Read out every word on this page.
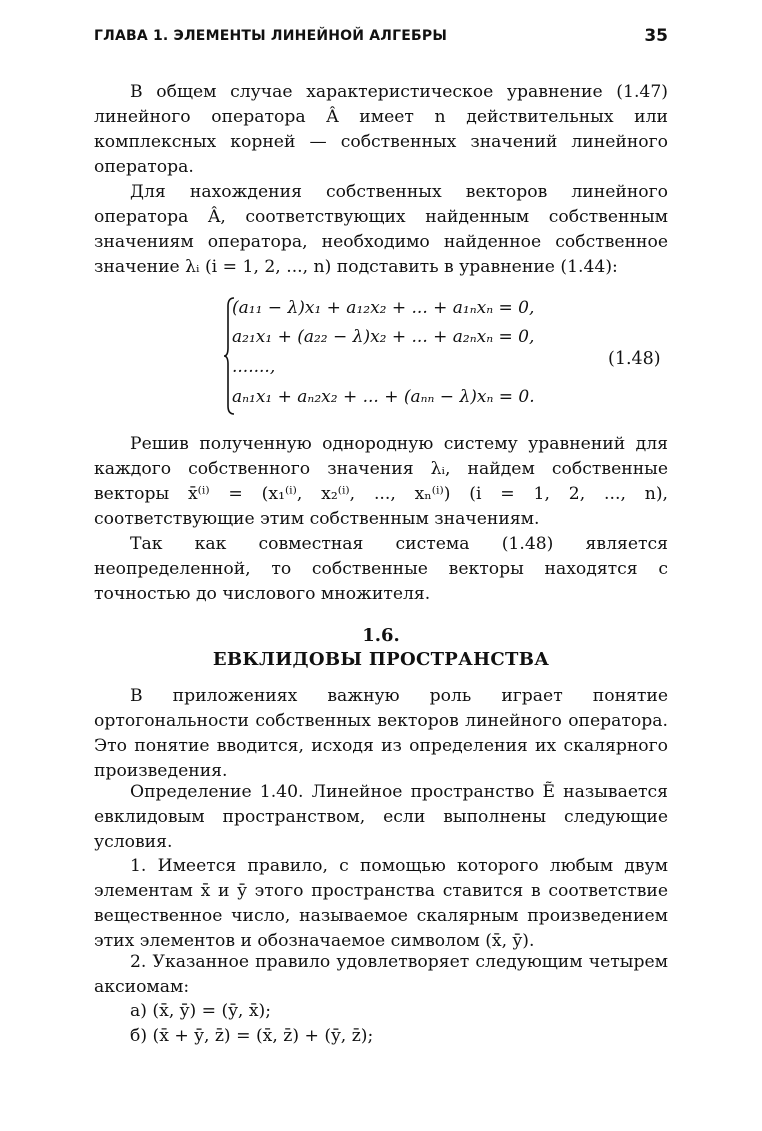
ГЛАВА 1. ЭЛЕМЕНТЫ ЛИНЕЙНОЙ АЛГЕБРЫ	35

В общем случае характеристическое уравнение (1.47) линейного оператора Â имеет n действительных или комплексных корней — собственных значений линейного оператора.

Для нахождения собственных векторов линейного оператора Â, соответствующих найденным собственным значениям оператора, необходимо найденное собственное значение λᵢ (i = 1, 2, ..., n) подставить в уравнение (1.44):

(a₁₁ − λ)x₁ + a₁₂x₂ + ... + a₁ₙxₙ = 0,
a₂₁x₁ + (a₂₂ − λ)x₂ + ... + a₂ₙxₙ = 0,
.......,
aₙ₁x₁ + aₙ₂x₂ + ... + (aₙₙ − λ)xₙ = 0.
(1.48)

Решив полученную однородную систему уравнений для каждого собственного значения λᵢ, найдем собственные векторы x̄⁽ⁱ⁾ = (x₁⁽ⁱ⁾, x₂⁽ⁱ⁾, ..., xₙ⁽ⁱ⁾) (i = 1, 2, ..., n), соответствующие этим собственным значениям.

Так как совместная система (1.48) является неопределенной, то собственные векторы находятся с точностью до числового множителя.

1.6.
ЕВКЛИДОВЫ ПРОСТРАНСТВА

В приложениях важную роль играет понятие ортогональности собственных векторов линейного оператора. Это понятие вводится, исходя из определения их скалярного произведения.

Определение 1.40. Линейное пространство Ẽ называется евклидовым пространством, если выполнены следующие условия.

1. Имеется правило, с помощью которого любым двум элементам x̄ и ȳ этого пространства ставится в соответствие вещественное число, называемое скалярным произведением этих элементов и обозначаемое символом (x̄, ȳ).

2. Указанное правило удовлетворяет следующим четырем аксиомам:

а) (x̄, ȳ) = (ȳ, x̄);

б) (x̄ + ȳ, z̄) = (x̄, z̄) + (ȳ, z̄);
